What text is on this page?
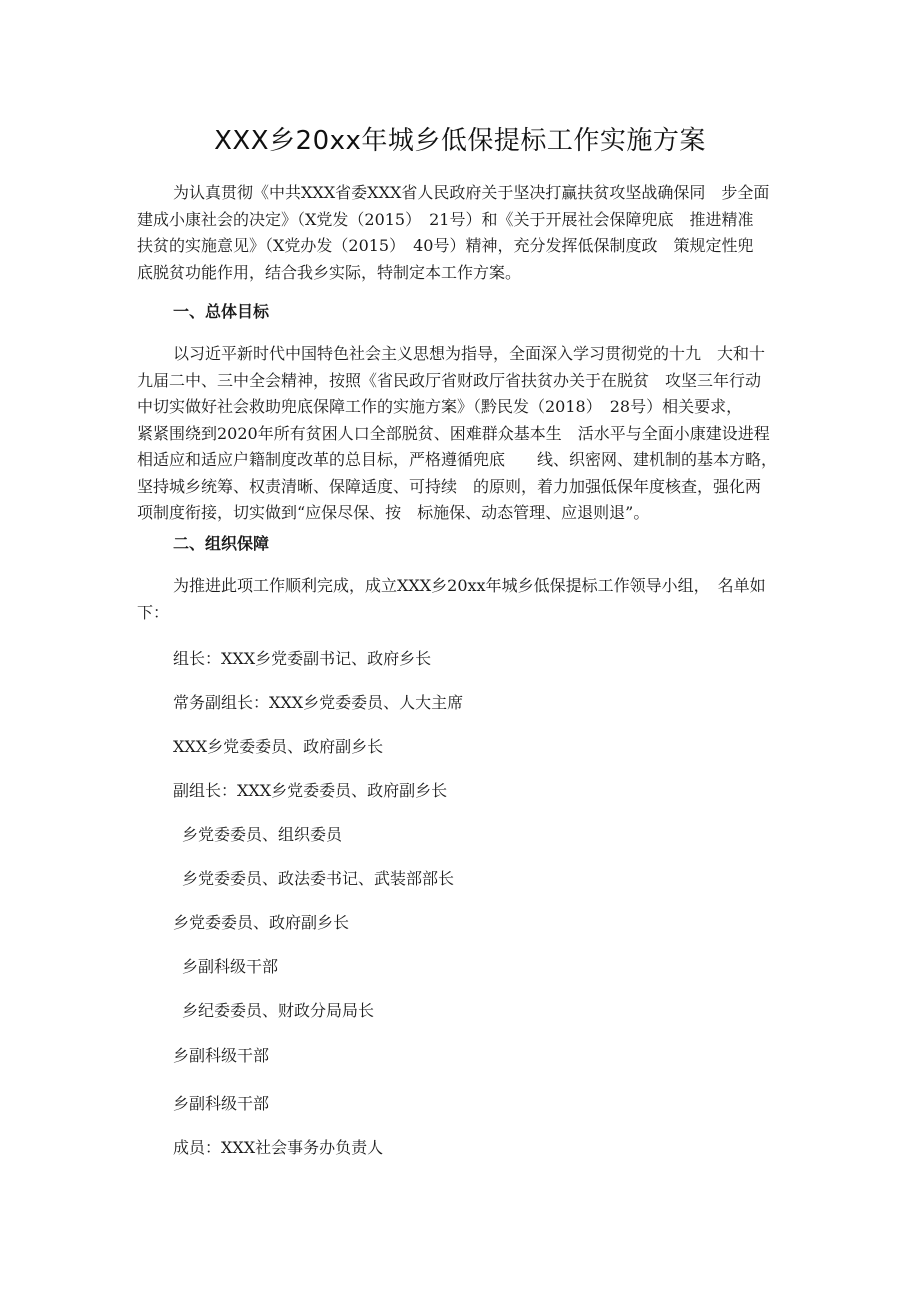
XXX乡20xx年城乡低保提标工作实施方案
为认真贯彻《中共XXX省委XXX省人民政府关于坚决打赢扶贫攻坚战确保同　步全面
建成小康社会的决定》（X党发（2015）　21号）和《关于开展社会保障兜底　推进精准
扶贫的实施意见》（X党办发（2015）　40号）精神，充分发挥低保制度政　策规定性兜
底脱贫功能作用，结合我乡实际，特制定本工作方案。
一、总体目标
以习近平新时代中国特色社会主义思想为指导，全面深入学习贯彻党的十九　大和十
九届二中、三中全会精神，按照《省民政厅省财政厅省扶贫办关于在脱贫　攻坚三年行动
中切实做好社会救助兜底保障工作的实施方案》（黔民发（2018）　28号）相关要求，
紧紧围绕到2020年所有贫困人口全部脱贫、困难群众基本生　活水平与全面小康建设进程
相适应和适应户籍制度改革的总目标，严格遵循兜底　　线、织密网、建机制的基本方略，
坚持城乡统筹、权责清晰、保障适度、可持续　的原则，着力加强低保年度核查，强化两
项制度衔接，切实做到“应保尽保、按　标施保、动态管理、应退则退”。
二、组织保障
为推进此项工作顺利完成，成立XXX乡20xx年城乡低保提标工作领导小组，　名单如
下：
组长：XXX乡党委副书记、政府乡长
常务副组长：XXX乡党委委员、人大主席
XXX乡党委委员、政府副乡长
副组长：XXX乡党委委员、政府副乡长
乡党委委员、组织委员
乡党委委员、政法委书记、武装部部长
乡党委委员、政府副乡长
乡副科级干部
乡纪委委员、财政分局局长
乡副科级干部
乡副科级干部
成员：XXX社会事务办负责人
